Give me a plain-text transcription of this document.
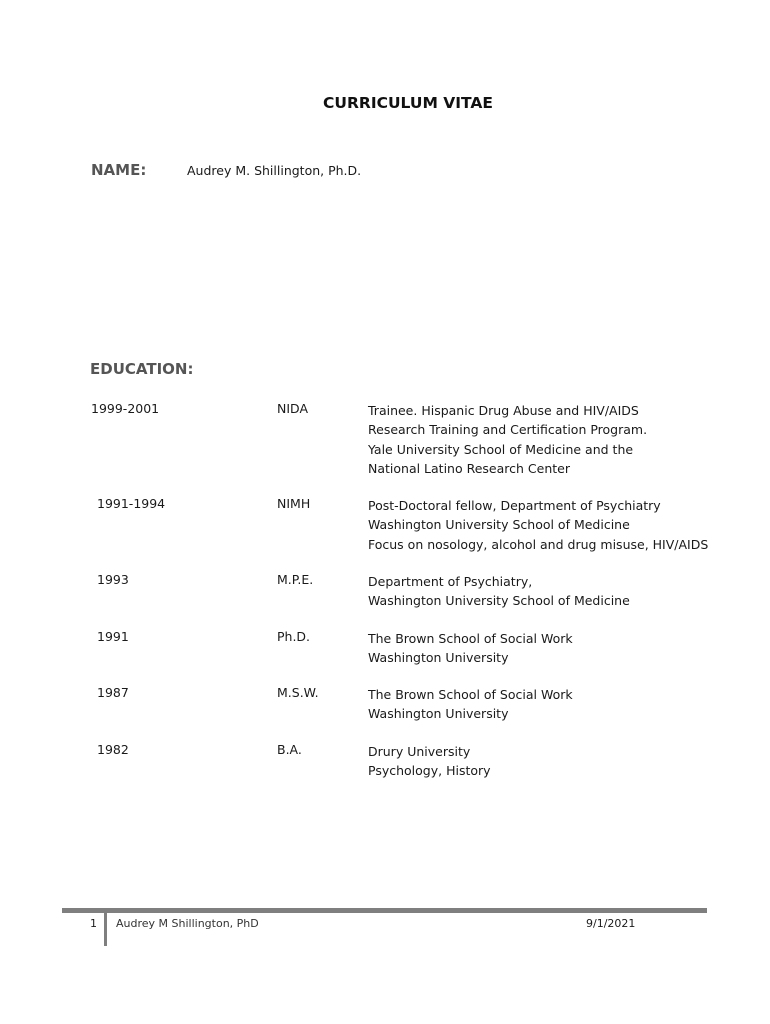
CURRICULUM VITAE
NAME:	Audrey M. Shillington, Ph.D.
EDUCATION:
1999-2001	NIDA	Trainee. Hispanic Drug Abuse and HIV/AIDS
Research Training and Certification Program.
Yale University School of Medicine and the
National Latino Research Center
1991-1994	NIMH	Post-Doctoral fellow, Department of Psychiatry
Washington University School of Medicine
Focus on nosology, alcohol and drug misuse, HIV/AIDS
1993	M.P.E.	Department of Psychiatry,
Washington University School of Medicine
1991	Ph.D.	The Brown School of Social Work
Washington University
1987	M.S.W.	The Brown School of Social Work
Washington University
1982	B.A.	Drury University
Psychology, History
1 Audrey M Shillington, PhD	9/1/2021
